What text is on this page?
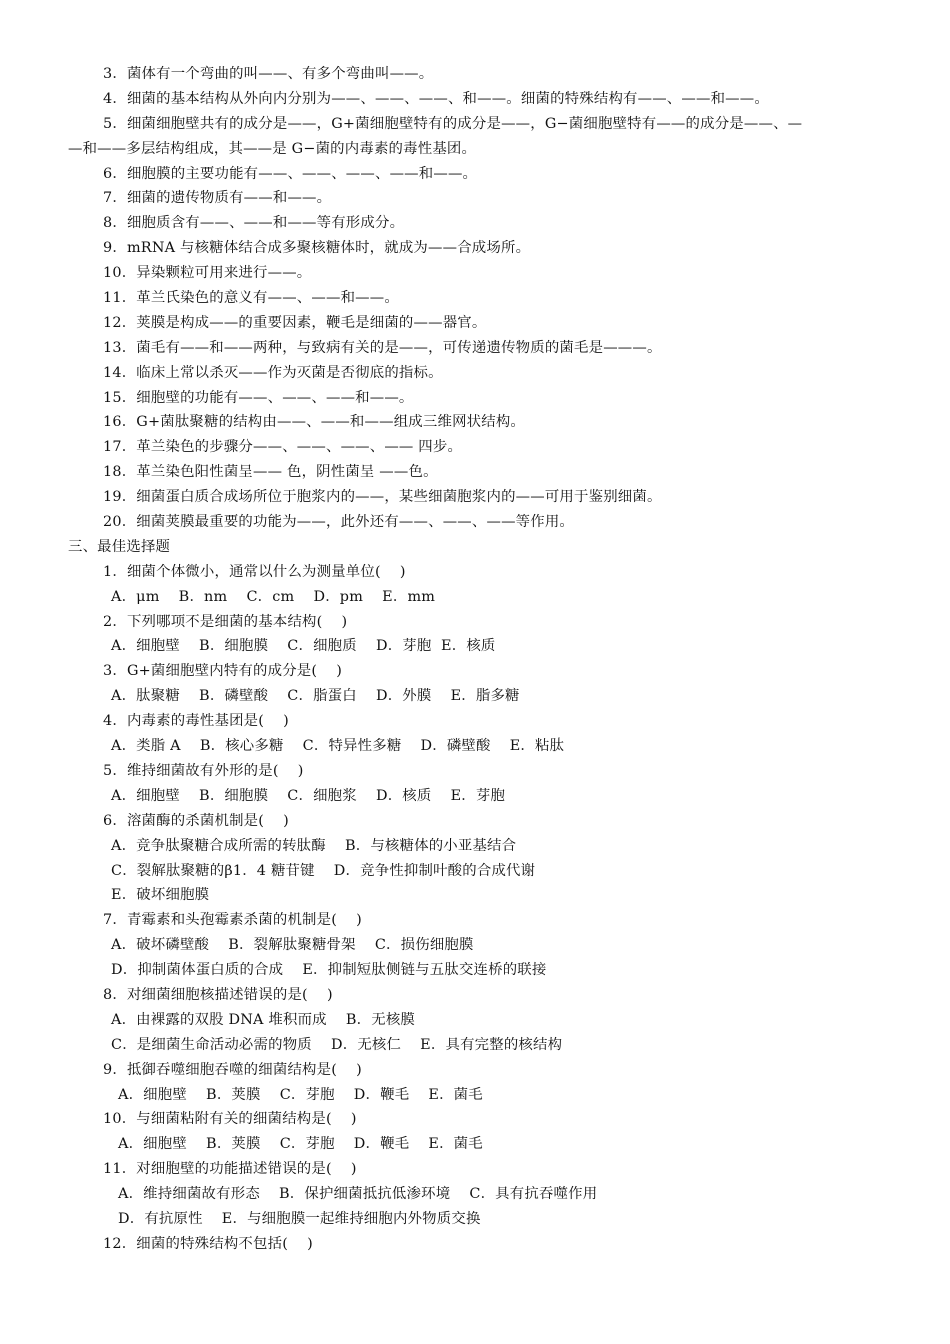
3．菌体有一个弯曲的叫——、有多个弯曲叫——。
4．细菌的基本结构从外向内分别为——、——、——、和——。细菌的特殊结构有——、——和——。
5．细菌细胞壁共有的成分是——，G+菌细胞壁特有的成分是——，G−菌细胞壁特有——的成分是——、—
—和——多层结构组成，其——是 G−菌的内毒素的毒性基团。
6．细胞膜的主要功能有——、——、——、——和——。
7．细菌的遗传物质有——和——。
8．细胞质含有——、——和——等有形成分。
9．mRNA 与核糖体结合成多聚核糖体时，就成为——合成场所。
10．异染颗粒可用来进行——。
11．革兰氏染色的意义有——、——和——。
12．荚膜是构成——的重要因素，鞭毛是细菌的——器官。
13．菌毛有——和——两种，与致病有关的是——，可传递遗传物质的菌毛是———。
14．临床上常以杀灭——作为灭菌是否彻底的指标。
15．细胞壁的功能有——、——、——和——。
16．G+菌肽聚糖的结构由——、——和——组成三维网状结构。
17．革兰染色的步骤分——、——、——、—— 四步。
18．革兰染色阳性菌呈—— 色，阴性菌呈 ——色。
19．细菌蛋白质合成场所位于胞浆内的——，某些细菌胞浆内的——可用于鉴别细菌。
20．细菌荚膜最重要的功能为——，此外还有——、——、——等作用。
三、最佳选择题
1．细菌个体微小，通常以什么为测量单位(    )
A．μm    B．nm    C．cm    D．pm    E．mm
2．下列哪项不是细菌的基本结构(    )
A．细胞壁    B．细胞膜    C．细胞质    D．芽胞  E．核质
3．G+菌细胞壁内特有的成分是(    )
A．肽聚糖    B．磷壁酸    C．脂蛋白    D．外膜    E．脂多糖
4．内毒素的毒性基团是(    )
A．类脂 A    B．核心多糖    C．特异性多糖    D．磷壁酸    E．粘肽
5．维持细菌故有外形的是(    )
A．细胞壁    B．细胞膜    C．细胞浆    D．核质    E．芽胞
6．溶菌酶的杀菌机制是(    )
A．竞争肽聚糖合成所需的转肽酶    B．与核糖体的小亚基结合
C．裂解肽聚糖的β1．4 糖苷键    D．竞争性抑制叶酸的合成代谢
E．破坏细胞膜
7．青霉素和头孢霉素杀菌的机制是(    )
A．破坏磷壁酸    B．裂解肽聚糖骨架    C．损伤细胞膜
D．抑制菌体蛋白质的合成    E．抑制短肽侧链与五肽交连桥的联接
8．对细菌细胞核描述错误的是(    )
A．由裸露的双股 DNA 堆积而成    B．无核膜
C．是细菌生命活动必需的物质    D．无核仁    E．具有完整的核结构
9．抵御吞噬细胞吞噬的细菌结构是(    )
A．细胞壁    B．荚膜    C．芽胞    D．鞭毛    E．菌毛
10．与细菌粘附有关的细菌结构是(    )
A．细胞壁    B．荚膜    C．芽胞    D．鞭毛    E．菌毛
11．对细胞壁的功能描述错误的是(    )
A．维持细菌故有形态    B．保护细菌抵抗低渗环境    C．具有抗吞噬作用
D．有抗原性    E．与细胞膜一起维持细胞内外物质交换
12．细菌的特殊结构不包括(    )
